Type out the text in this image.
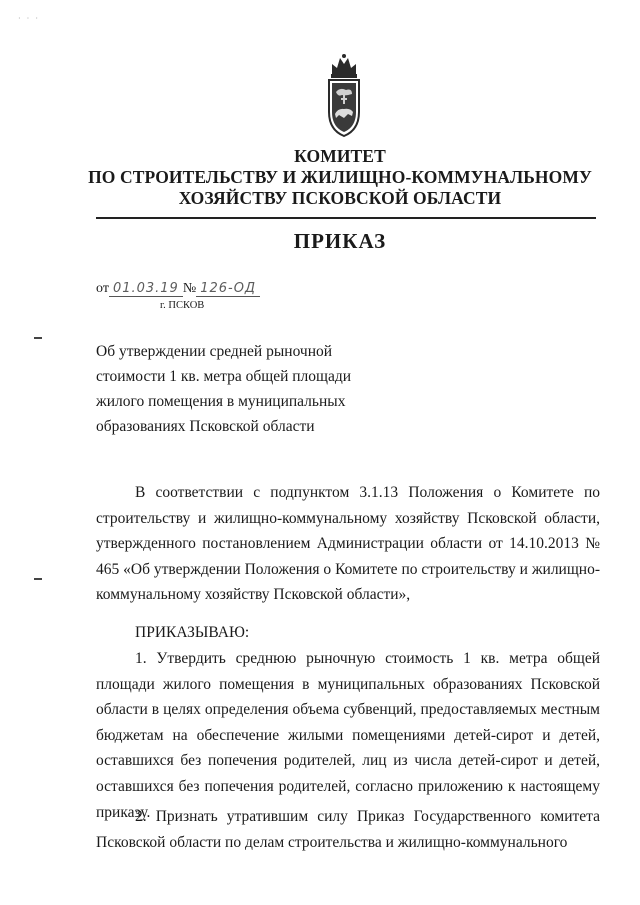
· · ·
КОМИТЕТ
ПО СТРОИТЕЛЬСТВУ И ЖИЛИЩНО-КОММУНАЛЬНОМУ
ХОЗЯЙСТВУ ПСКОВСКОЙ ОБЛАСТИ
ПРИКАЗ
от 01.03.19 № 126-ОД
г. ПСКОВ
Об утверждении средней рыночной стоимости 1 кв. метра общей площади жилого помещения в муниципальных образованиях Псковской области
В соответствии с подпунктом 3.1.13 Положения о Комитете по строительству и жилищно-коммунальному хозяйству Псковской области, утвержденного постановлением Администрации области от 14.10.2013 № 465 «Об утверждении Положения о Комитете по строительству и жилищно-коммунальному хозяйству Псковской области»,
ПРИКАЗЫВАЮ:
1. Утвердить среднюю рыночную стоимость 1 кв. метра общей площади жилого помещения в муниципальных образованиях Псковской области в целях определения объема субвенций, предоставляемых местным бюджетам на обеспечение жилыми помещениями детей-сирот и детей, оставшихся без попечения родителей, лиц из числа детей-сирот и детей, оставшихся без попечения родителей, согласно приложению к настоящему приказу.
2. Признать утратившим силу Приказ Государственного комитета Псковской области по делам строительства и жилищно-коммунального
